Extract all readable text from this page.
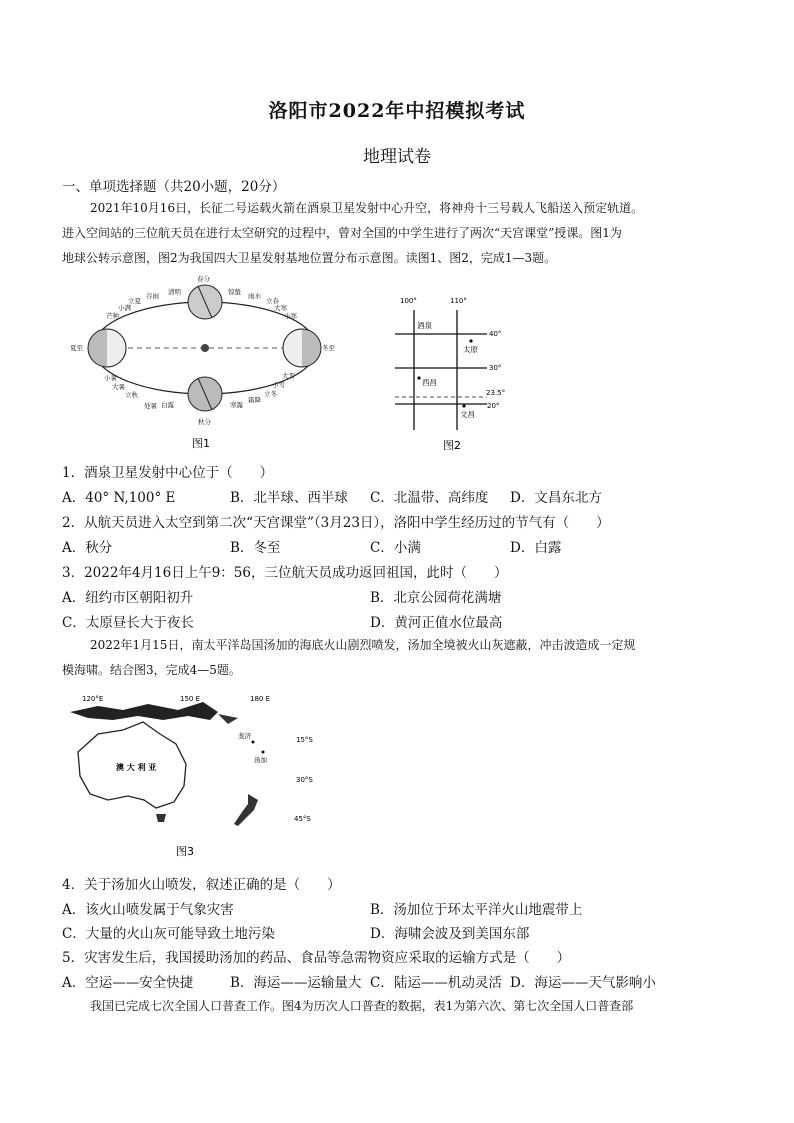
洛阳市2022年中招模拟考试
地理试卷
一、单项选择题（共20小题，20分）
2021年10月16日，长征二号运载火箭在酒泉卫星发射中心升空，将神舟十三号载人飞船送入预定轨道。
进入空间站的三位航天员在进行太空研究的过程中，曾对全国的中学生进行了两次“天宫课堂”授课。图1为
地球公转示意图，图2为我国四大卫星发射基地位置分布示意图。读图1、图2，完成1—3题。
春分
清明
谷雨
立夏
小满
芒种
夏至
小暑
大暑
立秋
处暑 白露
秋分
寒露
霜降
立冬
小雪
大雪
冬至
小寒
大寒
立春
雨水
惊蛰
图1
100°	110°
40°
30°
23.5°
20°
酒泉
太原
西昌
文昌
图2
1．酒泉卫星发射中心位于（　　）
A．40° N,100° E	B．北半球、西半球 C．北温带、高纬度 D．文昌东北方
2．从航天员进入太空到第二次“天宫课堂”（3月23日），洛阳中学生经历过的节气有（　　）
A．秋分	B．冬至	C．小满	D．白露
3．2022年4月16日上午9：56，三位航天员成功返回祖国，此时（　　）
A．纽约市区朝阳初升	B．北京公园荷花满塘
C．太原昼长大于夜长	D．黄河正值水位最高
2022年1月15日，南太平洋岛国汤加的海底火山剧烈喷发，汤加全境被火山灰遮蔽，冲击波造成一定规
模海啸。结合图3，完成4—5题。
120°E	150 E	180 E
澳 大 利 亚
斐济
汤加
15°S
30°S
45°S
图3
4．关于汤加火山喷发，叙述正确的是（　　）
A．该火山喷发属于气象灾害	B．汤加位于环太平洋火山地震带上
C．大量的火山灰可能导致土地污染	D．海啸会波及到美国东部
5．灾害发生后，我国援助汤加的药品、食品等急需物资应采取的运输方式是（　　）
A．空运——安全快捷	B．海运——运输量大 C．陆运——机动灵活 D．海运——天气影响小
我国已完成七次全国人口普查工作。图4为历次人口普查的数据，表1为第六次、第七次全国人口普查部
